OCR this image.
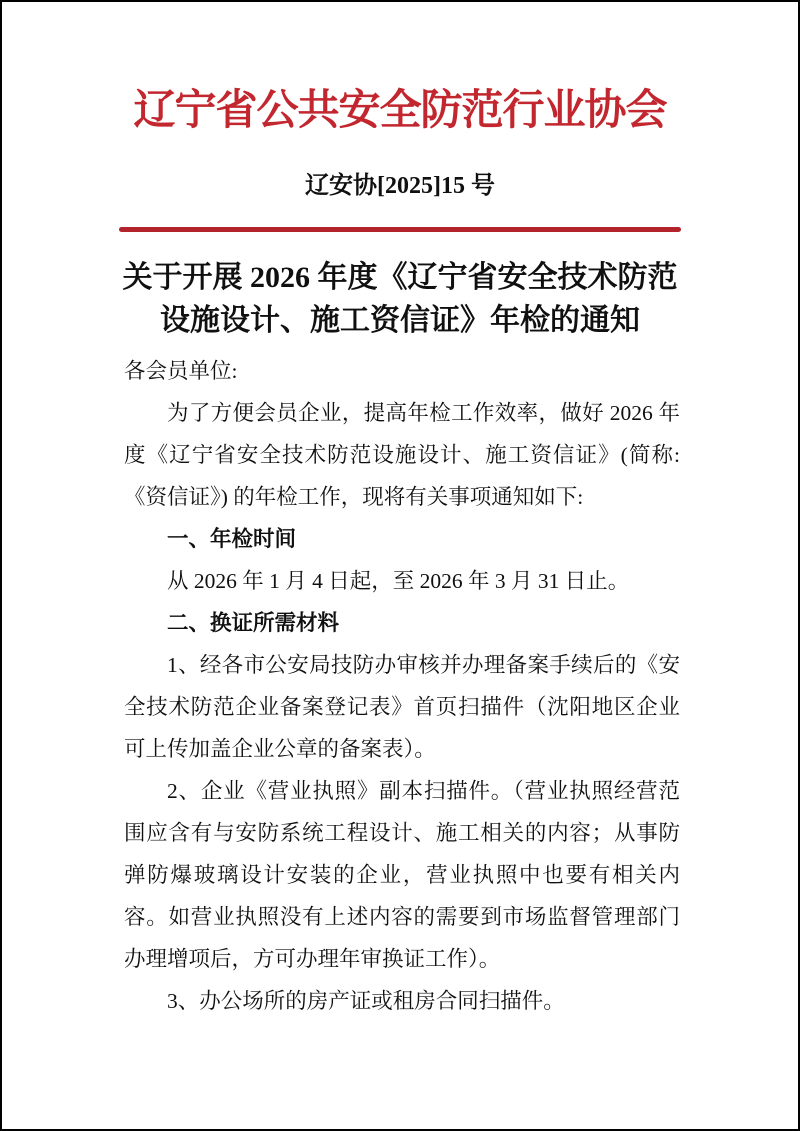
辽宁省公共安全防范行业协会
辽安协[2025]15 号
关于开展 2026 年度《辽宁省安全技术防范
设施设计、施工资信证》年检的通知

各会员单位:

为了方便会员企业，提高年检工作效率，做好 2026 年度《辽宁省安全技术防范设施设计、施工资信证》(简称:《资信证》) 的年检工作，现将有关事项通知如下:

一、年检时间

从 2026 年 1 月 4 日起，至 2026 年 3 月 31 日止。

二、换证所需材料

1、经各市公安局技防办审核并办理备案手续后的《安全技术防范企业备案登记表》首页扫描件（沈阳地区企业可上传加盖企业公章的备案表）。

2、企业《营业执照》副本扫描件。（营业执照经营范围应含有与安防系统工程设计、施工相关的内容；从事防弹防爆玻璃设计安装的企业，营业执照中也要有相关内容。如营业执照没有上述内容的需要到市场监督管理部门办理增项后，方可办理年审换证工作）。

3、办公场所的房产证或租房合同扫描件。
